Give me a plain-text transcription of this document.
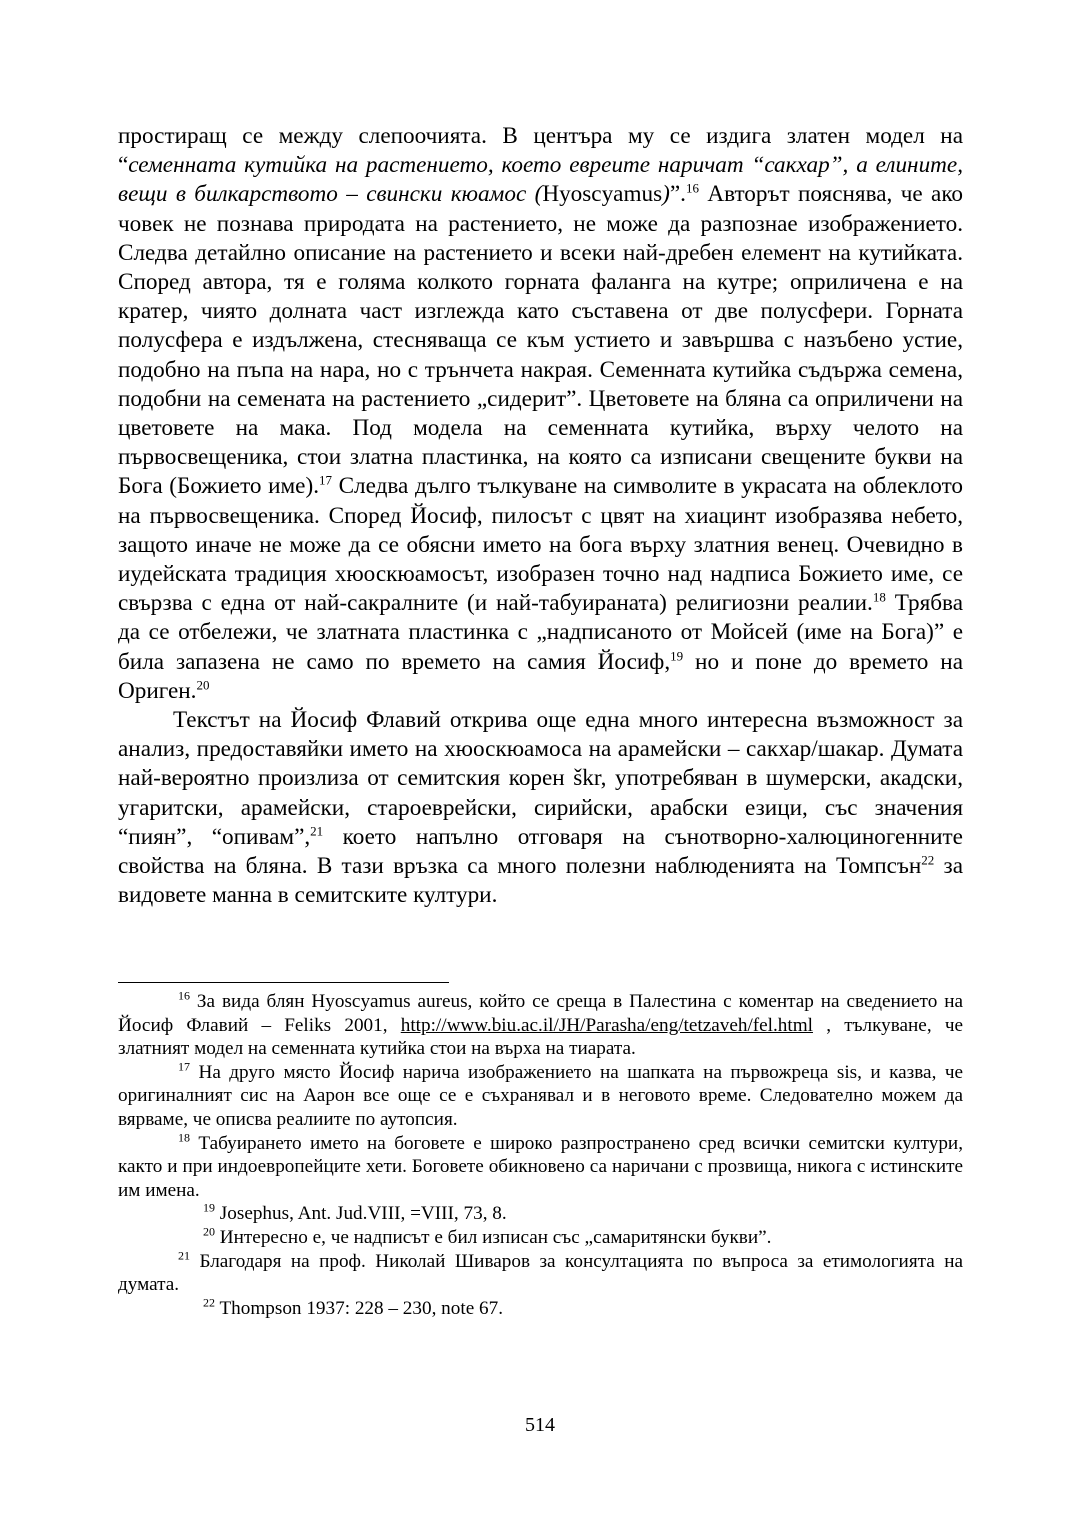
простиращ се между слепоочията. В центъра му се издига златен модел на “семенната кутийка на растението, което евреите наричат “сакхар”, а елините, вещи в билкарството – свински кюамос (Hyoscyamus)”.$^{16}$ Авторът пояснява, че ако човек не познава природата на растението, не може да разпознае изображението. Следва детайлно описание на растението и всеки най-дребен елемент на кутийката. Според автора, тя е голяма колкото горната фаланга на кутре; оприличена е на кратер, чиято долната част изглежда като съставена от две полусфери. Горната полусфера е издължена, стесняваща се към устието и завършва с назъбено устие, подобно на пъпа на нара, но с трънчета накрая. Семенната кутийка съдържа семена, подобни на семената на растението „сидерит”. Цветовете на бляна са оприличени на цветовете на мака. Под модела на семенната кутийка, върху челото на първосвещеника, стои златна пластинка, на която са изписани свещените букви на Бога (Божието име).$^{17}$ Следва дълго тълкуване на символите в украсата на облеклото на първосвещеника. Според Йосиф, пилосът с цвят на хиацинт изобразява небето, защото иначе не може да се обясни името на бога върху златния венец. Очевидно в иудейската традиция хюоскюамосът, изобразен точно над надписа Божието име, се свързва с една от най-сакралните (и най-табуираната) религиозни реалии.$^{18}$ Трябва да се отбележи, че златната пластинка с „надписаното от Мойсей (име на Бога)” е била запазена не само по времето на самия Йосиф,$^{19}$ но и поне до времето на Ориген.$^{20}$

Текстът на Йосиф Флавий открива още една много интересна възможност за анализ, предоставяйки името на хюоскюамоса на арамейски – сакхар/шакар. Думата най-вероятно произлиза от семитския корен škr, употребяван в шумерски, акадски, угаритски, арамейски, староеврейски, сирийски, арабски езици, със значения “пиян”, “опивам”,$^{21}$ което напълно отговаря на сънотворно-халюциногенните свойства на бляна. В тази връзка са много полезни наблюденията на Томпсън$^{22}$ за видовете манна в семитските култури.

$^{16}$ За вида блян Hyoscyamus aureus, който се среща в Палестина с коментар на сведението на Йосиф Флавий – Feliks 2001, http://www.biu.ac.il/JH/Parasha/eng/tetzaveh/fel.html , тълкуване, че златният модел на семенната кутийка стои на върха на тиарата.

$^{17}$ На друго място Йосиф нарича изображението на шапката на първожреца sis, и казва, че оригиналният сис на Аарон все още се е съхранявал и в неговото време. Следователно можем да вярваме, че описва реалиите по аутопсия.

$^{18}$ Табуирането името на боговете е широко разпространено сред всички семитски култури, както и при индоевропейците хети. Боговете обикновено са наричани с прозвища, никога с истинските им имена.

$^{19}$ Josephus, Ant. Jud.VIII, =VIII, 73, 8.

$^{20}$ Интересно е, че надписът е бил изписан със „самаритянски букви”.

$^{21}$ Благодаря на проф. Николай Шиваров за консултацията по въпроса за етимологията на думата.

$^{22}$ Thompson 1937: 228 – 230, note 67.

514
